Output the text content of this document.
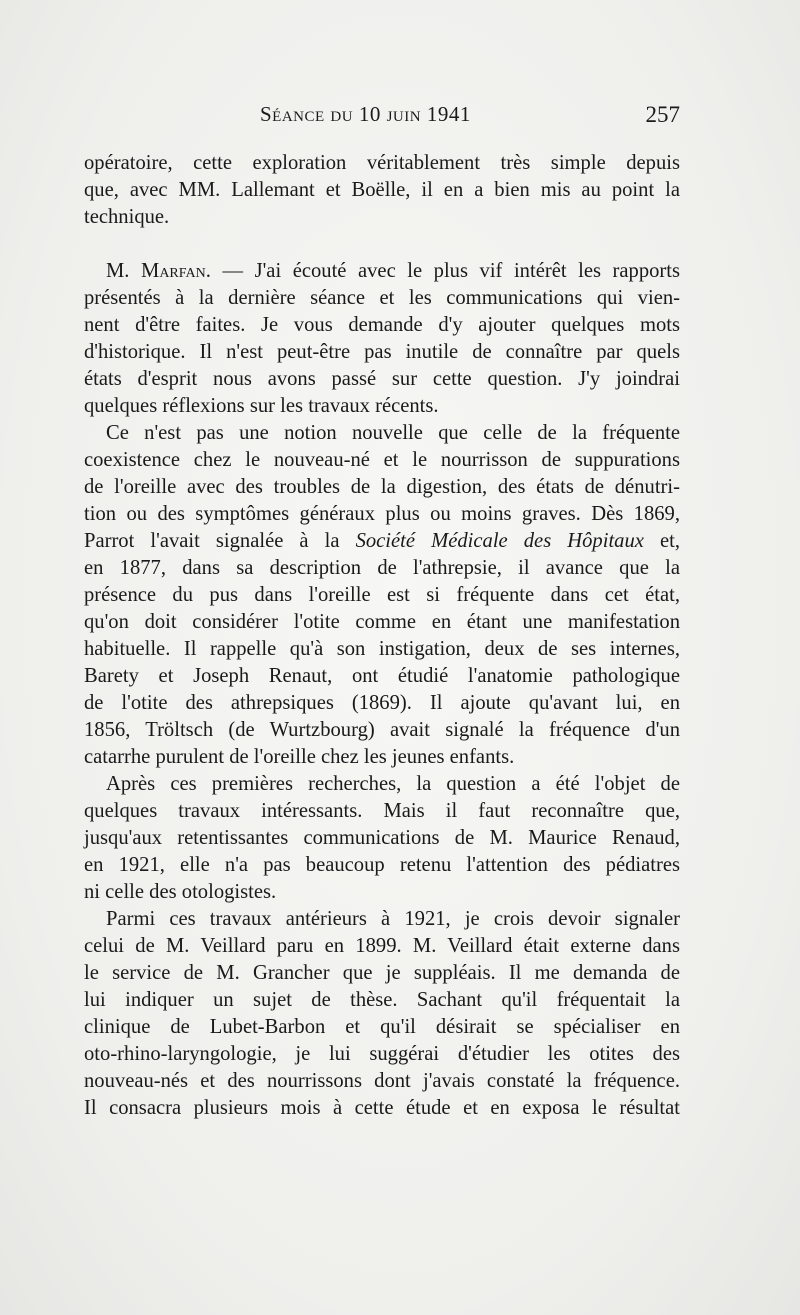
Séance du 10 juin 1941	257

opératoire, cette exploration véritablement très simple depuis
que, avec MM. Lallemant et Boëlle, il en a bien mis au point la
technique.

M. Marfan. — J'ai écouté avec le plus vif intérêt les rapports
présentés à la dernière séance et les communications qui vien-
nent d'être faites. Je vous demande d'y ajouter quelques mots
d'historique. Il n'est peut-être pas inutile de connaître par quels
états d'esprit nous avons passé sur cette question. J'y joindrai
quelques réflexions sur les travaux récents.

Ce n'est pas une notion nouvelle que celle de la fréquente
coexistence chez le nouveau-né et le nourrisson de suppurations
de l'oreille avec des troubles de la digestion, des états de dénutri-
tion ou des symptômes généraux plus ou moins graves. Dès 1869,
Parrot l'avait signalée à la Société Médicale des Hôpitaux et,
en 1877, dans sa description de l'athrepsie, il avance que la
présence du pus dans l'oreille est si fréquente dans cet état,
qu'on doit considérer l'otite comme en étant une manifestation
habituelle. Il rappelle qu'à son instigation, deux de ses internes,
Barety et Joseph Renaut, ont étudié l'anatomie pathologique
de l'otite des athrepsiques (1869). Il ajoute qu'avant lui, en
1856, Tröltsch (de Wurtzbourg) avait signalé la fréquence d'un
catarrhe purulent de l'oreille chez les jeunes enfants.

Après ces premières recherches, la question a été l'objet de
quelques travaux intéressants. Mais il faut reconnaître que,
jusqu'aux retentissantes communications de M. Maurice Renaud,
en 1921, elle n'a pas beaucoup retenu l'attention des pédiatres
ni celle des otologistes.

Parmi ces travaux antérieurs à 1921, je crois devoir signaler
celui de M. Veillard paru en 1899. M. Veillard était externe dans
le service de M. Grancher que je suppléais. Il me demanda de
lui indiquer un sujet de thèse. Sachant qu'il fréquentait la
clinique de Lubet-Barbon et qu'il désirait se spécialiser en
oto-rhino-laryngologie, je lui suggérai d'étudier les otites des
nouveau-nés et des nourrissons dont j'avais constaté la fréquence.
Il consacra plusieurs mois à cette étude et en exposa le résultat
